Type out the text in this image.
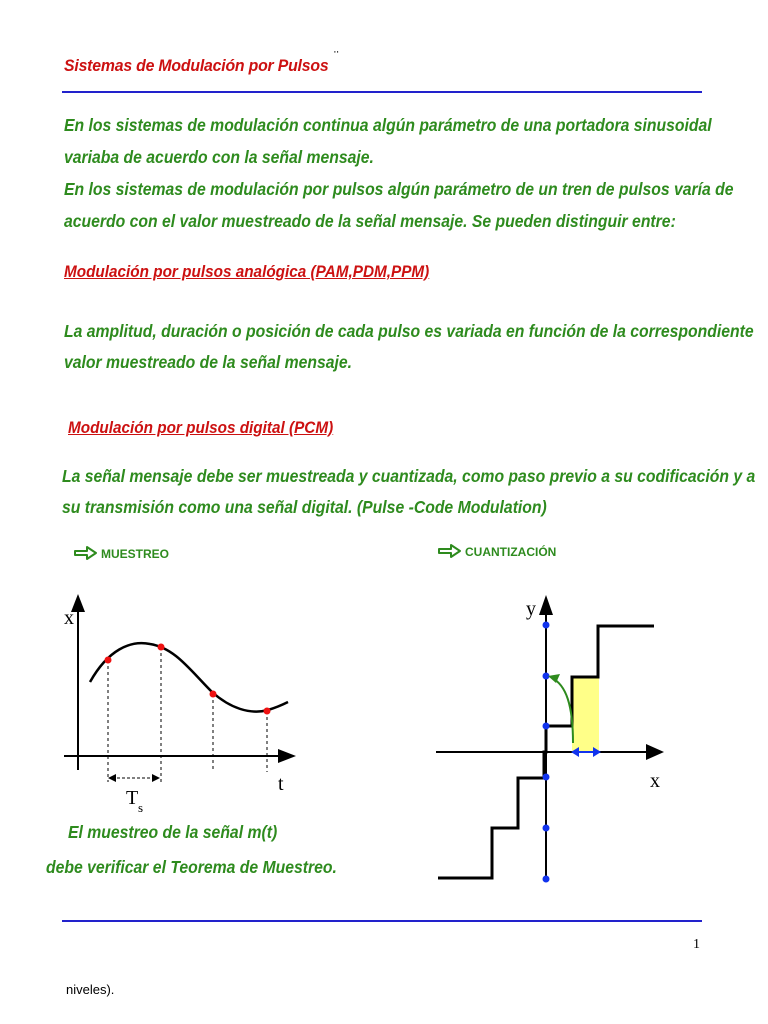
Sistemas de Modulación por Pulsos ¨
En los sistemas de modulación continua algún parámetro de una portadora sinusoidal
variaba de acuerdo con la señal mensaje.
En los sistemas de modulación por pulsos algún parámetro de un tren de pulsos varía de
acuerdo con el valor muestreado de la señal mensaje. Se pueden distinguir entre:
Modulación por pulsos analógica (PAM,PDM,PPM)
La amplitud, duración o posición de cada pulso es variada en función de la correspondiente
valor muestreado de la señal mensaje.
Modulación por pulsos digital (PCM)
La señal mensaje debe ser muestreada y cuantizada, como paso previo a su codificación y a
su transmisión como una señal digital. (Pulse -Code Modulation)
MUESTREO	CUANTIZACIÓN
x
t
T s
El muestreo de la señal m(t)
debe verificar el Teorema de Muestreo.
y
x
1
niveles).
